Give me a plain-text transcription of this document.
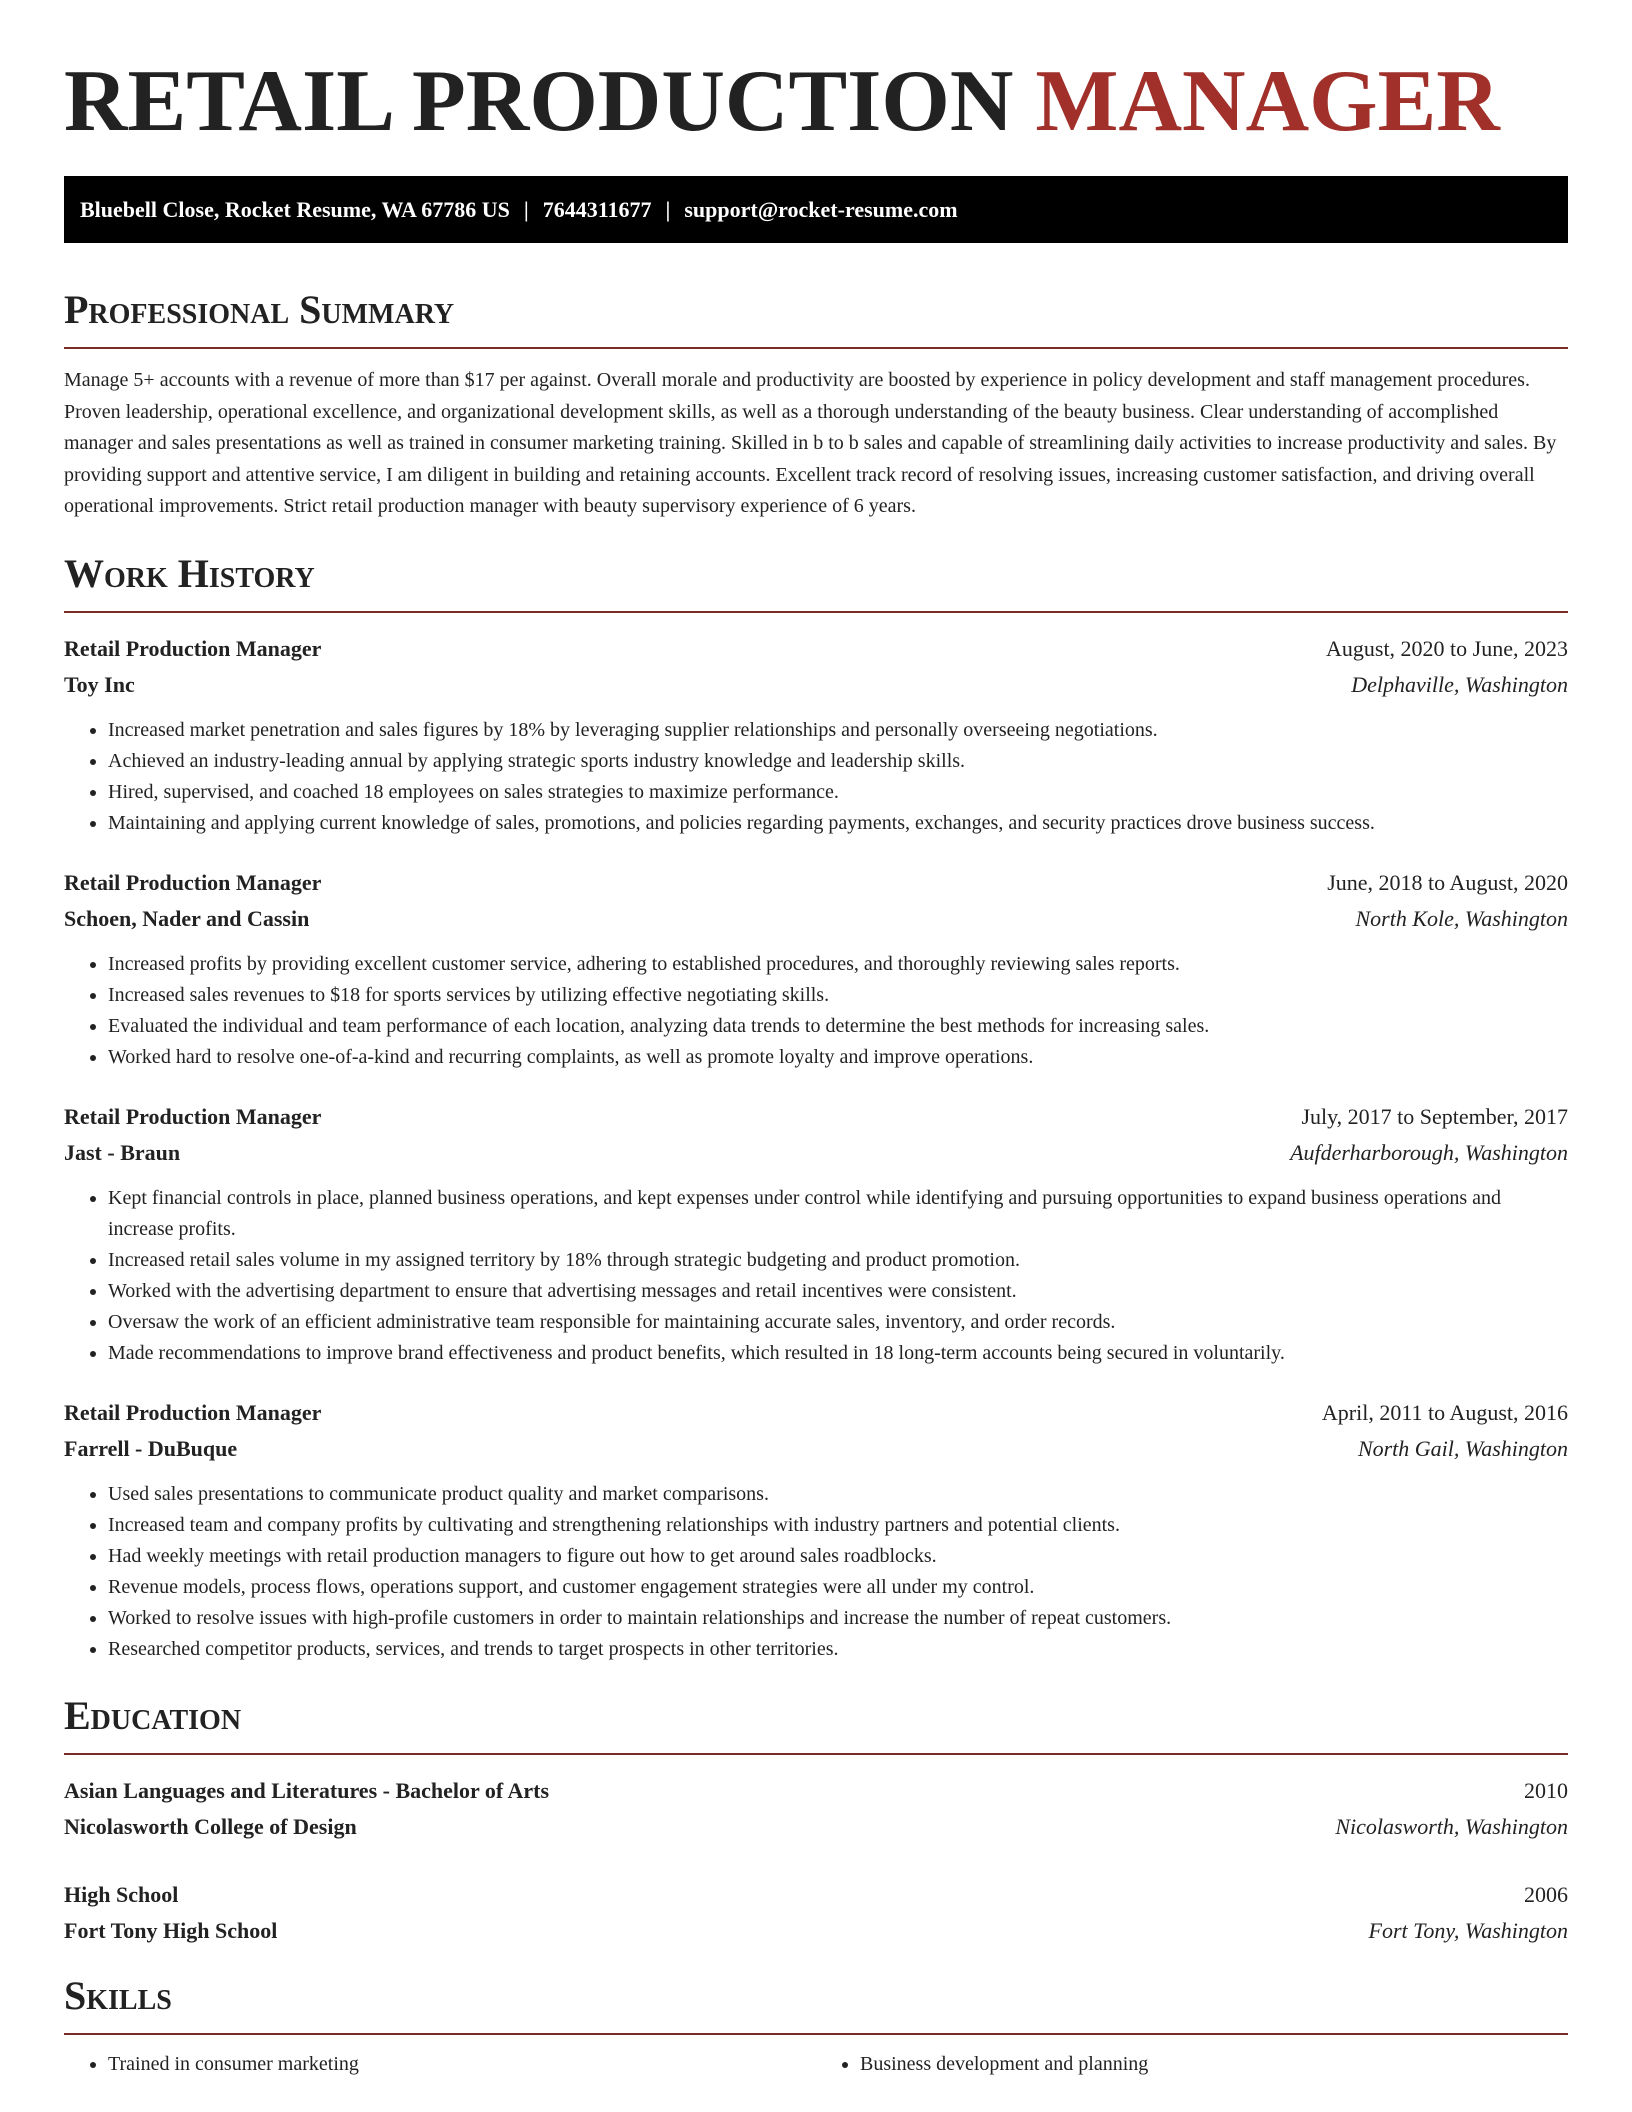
RETAIL PRODUCTION MANAGER
Bluebell Close, Rocket Resume, WA 67786 US | 7644311677 | support@rocket-resume.com
Professional Summary

Manage 5+ accounts with a revenue of more than $17 per against. Overall morale and productivity are boosted by experience in policy development and staff management procedures. Proven leadership, operational excellence, and organizational development skills, as well as a thorough understanding of the beauty business. Clear understanding of accomplished manager and sales presentations as well as trained in consumer marketing training. Skilled in b to b sales and capable of streamlining daily activities to increase productivity and sales. By providing support and attentive service, I am diligent in building and retaining accounts. Excellent track record of resolving issues, increasing customer satisfaction, and driving overall operational improvements. Strict retail production manager with beauty supervisory experience of 6 years.

Work History
Retail Production Manager	August, 2020 to June, 2023
Toy Inc	Delphaville, Washington
• Increased market penetration and sales figures by 18% by leveraging supplier relationships and personally overseeing negotiations.
• Achieved an industry-leading annual by applying strategic sports industry knowledge and leadership skills.
• Hired, supervised, and coached 18 employees on sales strategies to maximize performance.
• Maintaining and applying current knowledge of sales, promotions, and policies regarding payments, exchanges, and security practices drove business success.
Retail Production Manager	June, 2018 to August, 2020
Schoen, Nader and Cassin	North Kole, Washington
• Increased profits by providing excellent customer service, adhering to established procedures, and thoroughly reviewing sales reports.
• Increased sales revenues to $18 for sports services by utilizing effective negotiating skills.
• Evaluated the individual and team performance of each location, analyzing data trends to determine the best methods for increasing sales.
• Worked hard to resolve one-of-a-kind and recurring complaints, as well as promote loyalty and improve operations.
Retail Production Manager	July, 2017 to September, 2017
Jast - Braun	Aufderharborough, Washington
• Kept financial controls in place, planned business operations, and kept expenses under control while identifying and pursuing opportunities to expand business operations and increase profits.
• Increased retail sales volume in my assigned territory by 18% through strategic budgeting and product promotion.
• Worked with the advertising department to ensure that advertising messages and retail incentives were consistent.
• Oversaw the work of an efficient administrative team responsible for maintaining accurate sales, inventory, and order records.
• Made recommendations to improve brand effectiveness and product benefits, which resulted in 18 long-term accounts being secured in voluntarily.
Retail Production Manager	April, 2011 to August, 2016
Farrell - DuBuque	North Gail, Washington
• Used sales presentations to communicate product quality and market comparisons.
• Increased team and company profits by cultivating and strengthening relationships with industry partners and potential clients.
• Had weekly meetings with retail production managers to figure out how to get around sales roadblocks.
• Revenue models, process flows, operations support, and customer engagement strategies were all under my control.
• Worked to resolve issues with high-profile customers in order to maintain relationships and increase the number of repeat customers.
• Researched competitor products, services, and trends to target prospects in other territories.
Education
Asian Languages and Literatures - Bachelor of Arts	2010
Nicolasworth College of Design	Nicolasworth, Washington
High School	2006
Fort Tony High School	Fort Tony, Washington
Skills
• Trained in consumer marketing
•	Business development and planning
